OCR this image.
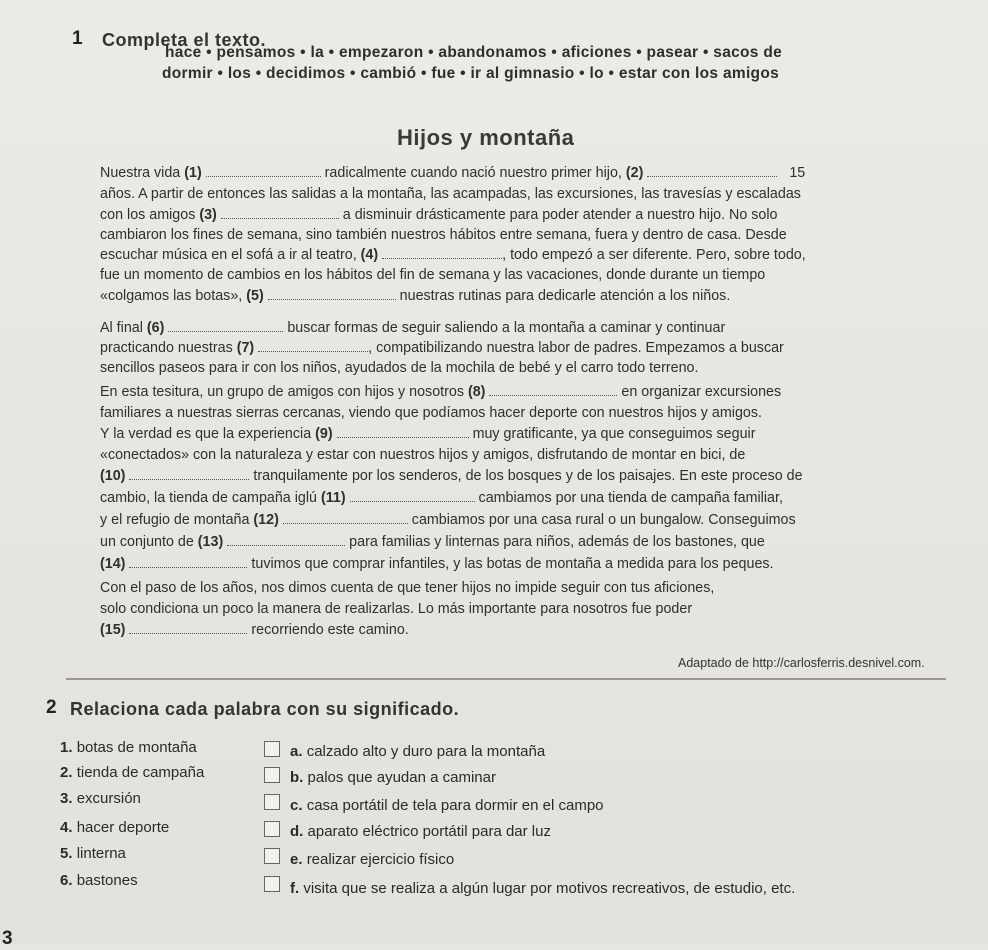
1 Completa el texto.
hace • pensamos • la • empezaron • abandonamos • aficiones • pasear • sacos de
dormir • los • decidimos • cambió • fue • ir al gimnasio • lo • estar con los amigos
Hijos y montaña
Nuestra vida (1)	radicalmente cuando nació nuestro primer hijo, (2)	15
años. A partir de entonces las salidas a la montaña, las acampadas, las excursiones, las travesías y escaladas
con los amigos (3)	a disminuir drásticamente para poder atender a nuestro hijo. No solo
cambiaron los fines de semana, sino también nuestros hábitos entre semana, fuera y dentro de casa. Desde
escuchar música en el sofá a ir al teatro, (4)	, todo empezó a ser diferente. Pero, sobre todo,
fue un momento de cambios en los hábitos del fin de semana y las vacaciones, donde durante un tiempo
«colgamos las botas», (5)	nuestras rutinas para dedicarle atención a los niños.
Al final (6)	buscar formas de seguir saliendo a la montaña a caminar y continuar
practicando nuestras (7)	, compatibilizando nuestra labor de padres. Empezamos a buscar
sencillos paseos para ir con los niños, ayudados de la mochila de bebé y el carro todo terreno.
En esta tesitura, un grupo de amigos con hijos y nosotros (8)	en organizar excursiones
familiares a nuestras sierras cercanas, viendo que podíamos hacer deporte con nuestros hijos y amigos.
Y la verdad es que la experiencia (9)	muy gratificante, ya que conseguimos seguir
«conectados» con la naturaleza y estar con nuestros hijos y amigos, disfrutando de montar en bici, de
(10)	tranquilamente por los senderos, de los bosques y de los paisajes. En este proceso de
cambio, la tienda de campaña iglú (11)	cambiamos por una tienda de campaña familiar,
y el refugio de montaña (12)	cambiamos por una casa rural o un bungalow. Conseguimos
un conjunto de (13)	para familias y linternas para niños, además de los bastones, que
(14)	tuvimos que comprar infantiles, y las botas de montaña a medida para los peques.
Con el paso de los años, nos dimos cuenta de que tener hijos no impide seguir con tus aficiones,
solo condiciona un poco la manera de realizarlas. Lo más importante para nosotros fue poder
(15)	recorriendo este camino.
Adaptado de http://carlosferris.desnivel.com.
2 Relaciona cada palabra con su significado.
1. botas de montaña
2. tienda de campaña
3. excursión
4. hacer deporte
5. linterna
6. bastones
a. calzado alto y duro para la montaña
b. palos que ayudan a caminar
c. casa portátil de tela para dormir en el campo
d. aparato eléctrico portátil para dar luz
e. realizar ejercicio físico
f. visita que se realiza a algún lugar por motivos recreativos, de estudio, etc.
3
